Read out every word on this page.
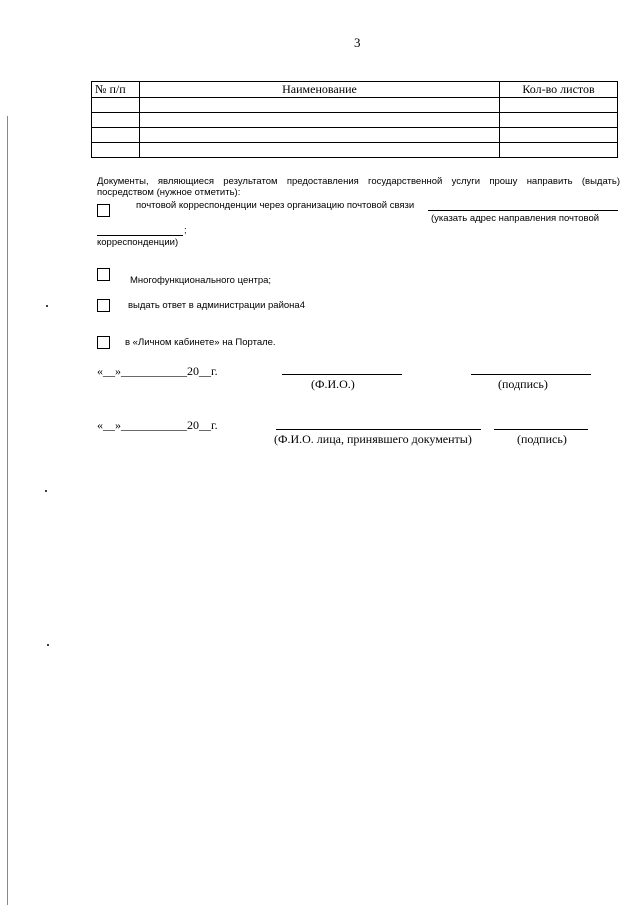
3
№ п/п	Наименование	Кол-во листов

Документы, являющиеся результатом предоставления государственной услуги прошу направить (выдать) посредством (нужное отметить):
почтовой корреспонденции через организацию почтовой связи
(указать адрес направления почтовой
;
корреспонденции)
Многофункционального центра;
выдать ответ в администрации района4
в «Личном кабинете» на Портале.
«__»___________20__г.
(Ф.И.О.)	(подпись)
«__»___________20__г.
(Ф.И.О. лица, принявшего документы)	(подпись)
